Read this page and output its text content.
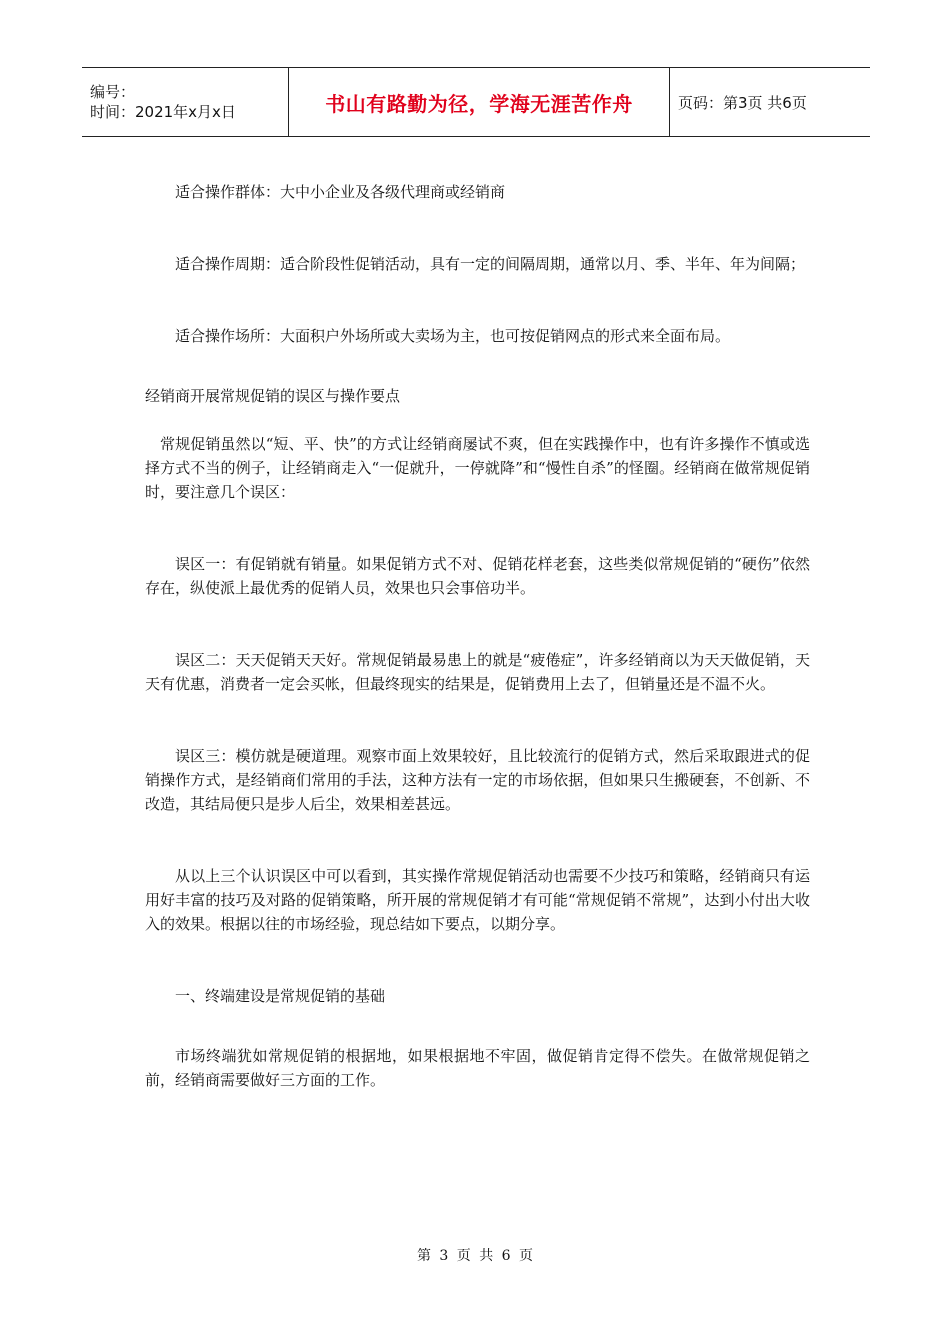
编号：
时间：2021年x月x日	书山有路勤为径，学海无涯苦作舟	页码：第3页 共6页

适合操作群体：大中小企业及各级代理商或经销商

适合操作周期：适合阶段性促销活动，具有一定的间隔周期，通常以月、季、半年、年为间隔；

适合操作场所：大面积户外场所或大卖场为主，也可按促销网点的形式来全面布局。

经销商开展常规促销的误区与操作要点

常规促销虽然以“短、平、快”的方式让经销商屡试不爽，但在实践操作中，也有许多操作不慎或选择方式不当的例子，让经销商走入“一促就升，一停就降”和“慢性自杀”的怪圈。经销商在做常规促销时，要注意几个误区：

误区一：有促销就有销量。如果促销方式不对、促销花样老套，这些类似常规促销的“硬伤”依然存在，纵使派上最优秀的促销人员，效果也只会事倍功半。

误区二：天天促销天天好。常规促销最易患上的就是“疲倦症”，许多经销商以为天天做促销，天天有优惠，消费者一定会买帐，但最终现实的结果是，促销费用上去了，但销量还是不温不火。

误区三：模仿就是硬道理。观察市面上效果较好，且比较流行的促销方式，然后采取跟进式的促销操作方式，是经销商们常用的手法，这种方法有一定的市场依据，但如果只生搬硬套，不创新、不改造，其结局便只是步人后尘，效果相差甚远。

从以上三个认识误区中可以看到，其实操作常规促销活动也需要不少技巧和策略，经销商只有运用好丰富的技巧及对路的促销策略，所开展的常规促销才有可能“常规促销不常规”，达到小付出大收入的效果。根据以往的市场经验，现总结如下要点，以期分享。

一、终端建设是常规促销的基础

市场终端犹如常规促销的根据地，如果根据地不牢固，做促销肯定得不偿失。在做常规促销之前，经销商需要做好三方面的工作。

第 3 页 共 6 页
